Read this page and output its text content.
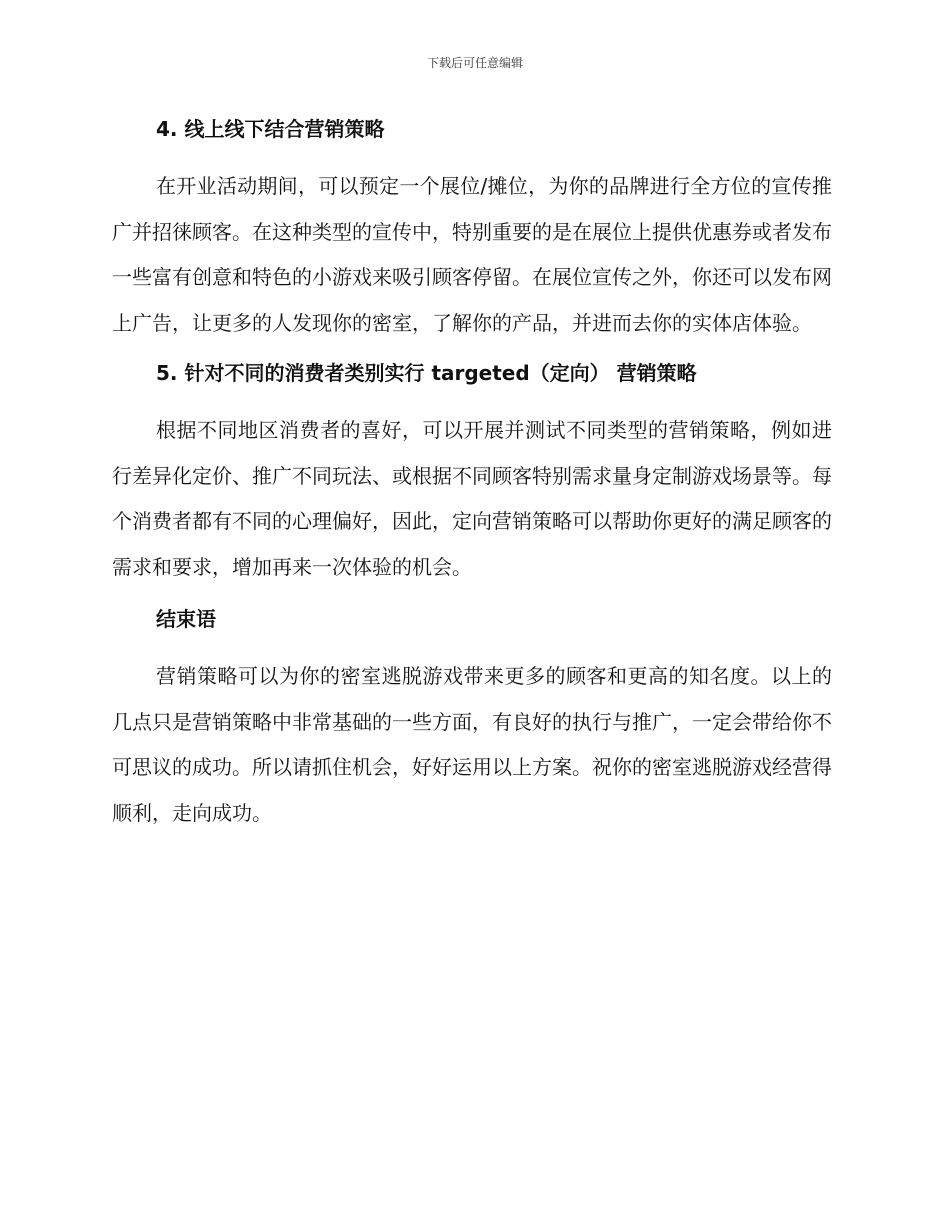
下载后可任意编辑
4. 线上线下结合营销策略

在开业活动期间，可以预定一个展位/摊位，为你的品牌进行全方位的宣传推广并招徕顾客。在这种类型的宣传中，特别重要的是在展位上提供优惠券或者发布一些富有创意和特色的小游戏来吸引顾客停留。在展位宣传之外，你还可以发布网上广告，让更多的人发现你的密室，了解你的产品，并进而去你的实体店体验。

5. 针对不同的消费者类别实行 targeted（定向） 营销策略

根据不同地区消费者的喜好，可以开展并测试不同类型的营销策略，例如进行差异化定价、推广不同玩法、或根据不同顾客特别需求量身定制游戏场景等。每个消费者都有不同的心理偏好，因此，定向营销策略可以帮助你更好的满足顾客的需求和要求，增加再来一次体验的机会。

结束语

营销策略可以为你的密室逃脱游戏带来更多的顾客和更高的知名度。以上的几点只是营销策略中非常基础的一些方面，有良好的执行与推广，一定会带给你不可思议的成功。所以请抓住机会，好好运用以上方案。祝你的密室逃脱游戏经营得顺利，走向成功。
